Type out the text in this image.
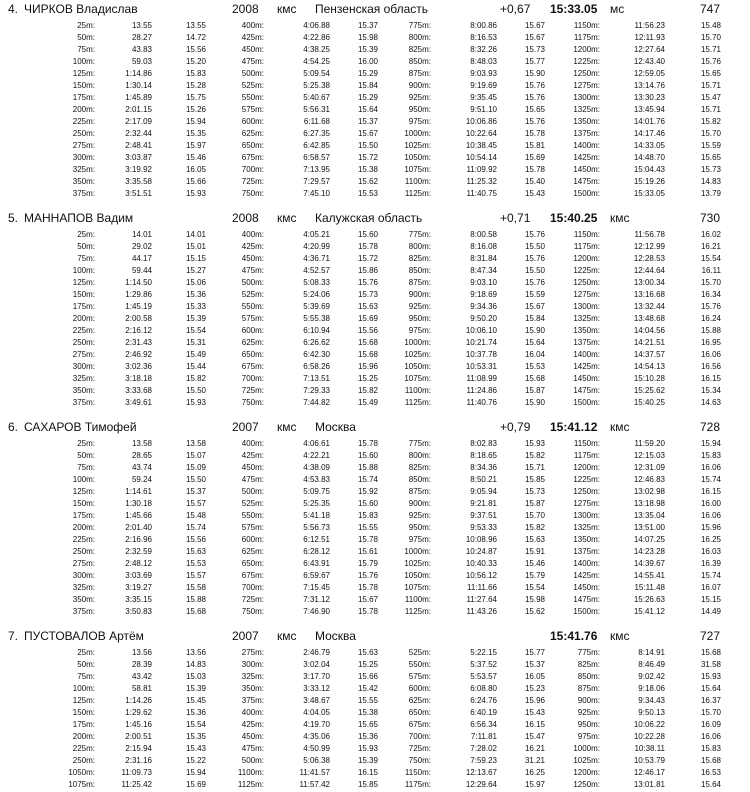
4. ЧИРКОВ Владислав	2008 кмс Пензенская область	+0,67 15:33.05 мс	747
25m:	13.55	13.55	400m:	4:06.88	15.37	775m:	8:00.86	15.67	1150m:	11:56.23	15.48
50m:	28.27	14.72	425m:	4:22.86	15.98	800m:	8:16.53	15.67	1175m:	12:11.93	15.70
75m:	43.83	15.56	450m:	4:38.25	15.39	825m:	8:32.26	15.73	1200m:	12:27.64	15.71
100m:	59.03	15.20	475m:	4:54.25	16.00	850m:	8:48.03	15.77	1225m:	12:43.40	15.76
125m:	1:14.86	15.83	500m:	5:09.54	15.29	875m:	9:03.93	15.90	1250m:	12:59.05	15.65
150m:	1:30.14	15.28	525m:	5:25.38	15.84	900m:	9:19.69	15.76	1275m:	13:14.76	15.71
175m:	1:45.89	15.75	550m:	5:40.67	15.29	925m:	9:35.45	15.76	1300m:	13:30.23	15.47
200m:	2:01.15	15.26	575m:	5:56.31	15.64	950m:	9:51.10	15.65	1325m:	13:45.94	15.71
225m:	2:17.09	15.94	600m:	6:11.68	15.37	975m:	10:06.86	15.76	1350m:	14:01.76	15.82
250m:	2:32.44	15.35	625m:	6:27.35	15.67	1000m:	10:22.64	15.78	1375m:	14:17.46	15.70
275m:	2:48.41	15.97	650m:	6:42.85	15.50	1025m:	10:38.45	15.81	1400m:	14:33.05	15.59
300m:	3:03.87	15.46	675m:	6:58.57	15.72	1050m:	10:54.14	15.69	1425m:	14:48.70	15.65
325m:	3:19.92	16.05	700m:	7:13.95	15.38	1075m:	11:09.92	15.78	1450m:	15:04.43	15.73
350m:	3:35.58	15.66	725m:	7:29.57	15.62	1100m:	11:25.32	15.40	1475m:	15:19.26	14.83
375m:	3:51.51	15.93	750m:	7:45.10	15.53	1125m:	11:40.75	15.43	1500m:	15:33.05	13.79
5. МАННАПОВ Вадим	2008 кмс Калужская область	+0,71 15:40.25 кмс	730
25m:	14.01	14.01	400m:	4:05.21	15.60	775m:	8:00.58	15.76	1150m:	11:56.78	16.02
50m:	29.02	15.01	425m:	4:20.99	15.78	800m:	8:16.08	15.50	1175m:	12:12.99	16.21
75m:	44.17	15.15	450m:	4:36.71	15.72	825m:	8:31.84	15.76	1200m:	12:28.53	15.54
100m:	59.44	15.27	475m:	4:52.57	15.86	850m:	8:47.34	15.50	1225m:	12:44.64	16.11
125m:	1:14.50	15.06	500m:	5:08.33	15.76	875m:	9:03.10	15.76	1250m:	13:00.34	15.70
150m:	1:29.86	15.36	525m:	5:24.06	15.73	900m:	9:18.69	15.59	1275m:	13:16.68	16.34
175m:	1:45.19	15.33	550m:	5:39.69	15.63	925m:	9:34.36	15.67	1300m:	13:32.44	15.76
200m:	2:00.58	15.39	575m:	5:55.38	15.69	950m:	9:50.20	15.84	1325m:	13:48.68	16.24
225m:	2:16.12	15.54	600m:	6:10.94	15.56	975m:	10:06.10	15.90	1350m:	14:04.56	15.88
250m:	2:31.43	15.31	625m:	6:26.62	15.68	1000m:	10:21.74	15.64	1375m:	14:21.51	16.95
275m:	2:46.92	15.49	650m:	6:42.30	15.68	1025m:	10:37.78	16.04	1400m:	14:37.57	16.06
300m:	3:02.36	15.44	675m:	6:58.26	15.96	1050m:	10:53.31	15.53	1425m:	14:54.13	16.56
325m:	3:18.18	15.82	700m:	7:13.51	15.25	1075m:	11:08.99	15.68	1450m:	15:10.28	16.15
350m:	3:33.68	15.50	725m:	7:29.33	15.82	1100m:	11:24.86	15.87	1475m:	15:25.62	15.34
375m:	3:49.61	15.93	750m:	7:44.82	15.49	1125m:	11:40.76	15.90	1500m:	15:40.25	14.63
6. САХАРОВ Тимофей	2007 кмс Москва	+0,79 15:41.12 кмс	728
25m:	13.58	13.58	400m:	4:06.61	15.78	775m:	8:02.83	15.93	1150m:	11:59.20	15.94
50m:	28.65	15.07	425m:	4:22.21	15.60	800m:	8:18.65	15.82	1175m:	12:15.03	15.83
75m:	43.74	15.09	450m:	4:38.09	15.88	825m:	8:34.36	15.71	1200m:	12:31.09	16.06
100m:	59.24	15.50	475m:	4:53.83	15.74	850m:	8:50.21	15.85	1225m:	12:46.83	15.74
125m:	1:14.61	15.37	500m:	5:09.75	15.92	875m:	9:05.94	15.73	1250m:	13:02.98	16.15
150m:	1:30.18	15.57	525m:	5:25.35	15.60	900m:	9:21.81	15.87	1275m:	13:18.98	16.00
175m:	1:45.66	15.48	550m:	5:41.18	15.83	925m:	9:37.51	15.70	1300m:	13:35.04	16.06
200m:	2:01.40	15.74	575m:	5:56.73	15.55	950m:	9:53.33	15.82	1325m:	13:51.00	15.96
225m:	2:16.96	15.56	600m:	6:12.51	15.78	975m:	10:08.96	15.63	1350m:	14:07.25	16.25
250m:	2:32.59	15.63	625m:	6:28.12	15.61	1000m:	10:24.87	15.91	1375m:	14:23.28	16.03
275m:	2:48.12	15.53	650m:	6:43.91	15.79	1025m:	10:40.33	15.46	1400m:	14:39.67	16.39
300m:	3:03.69	15.57	675m:	6:59.67	15.76	1050m:	10:56.12	15.79	1425m:	14:55.41	15.74
325m:	3:19.27	15.58	700m:	7:15.45	15.78	1075m:	11:11.66	15.54	1450m:	15:11.48	16.07
350m:	3:35.15	15.88	725m:	7:31.12	15.67	1100m:	11:27.64	15.98	1475m:	15:26.63	15.15
375m:	3:50.83	15.68	750m:	7:46.90	15.78	1125m:	11:43.26	15.62	1500m:	15:41.12	14.49
7. ПУСТОВАЛОВ Артём	2007 кмс Москва	15:41.76 кмс	727
25m:	13.56	13.56	275m:	2:46.79	15.63	525m:	5:22.15	15.77	775m:	8:14.91	15.68
50m:	28.39	14.83	300m:	3:02.04	15.25	550m:	5:37.52	15.37	825m:	8:46.49	31.58
75m:	43.42	15.03	325m:	3:17.70	15.66	575m:	5:53.57	16.05	850m:	9:02.42	15.93
100m:	58.81	15.39	350m:	3:33.12	15.42	600m:	6:08.80	15.23	875m:	9:18.06	15.64
125m:	1:14.26	15.45	375m:	3:48.67	15.55	625m:	6:24.76	15.96	900m:	9:34.43	16.37
150m:	1:29.62	15.36	400m:	4:04.05	15.38	650m:	6:40.19	15.43	925m:	9:50.13	15.70
175m:	1:45.16	15.54	425m:	4:19.70	15.65	675m:	6:56.34	16.15	950m:	10:06.22	16.09
200m:	2:00.51	15.35	450m:	4:35.06	15.36	700m:	7:11.81	15.47	975m:	10:22.28	16.06
225m:	2:15.94	15.43	475m:	4:50.99	15.93	725m:	7:28.02	16.21	1000m:	10:38.11	15.83
250m:	2:31.16	15.22	500m:	5:06.38	15.39	750m:	7:59.23	31.21	1025m:	10:53.79	15.68
1050m:	11:09.73	15.94	1100m:	11:41.57	16.15	1150m:	12:13.67	16.25	1200m:	12:46.17	16.53
1075m:	11:25.42	15.69	1125m:	11:57.42	15.85	1175m:	12:29.64	15.97	1250m:	13:01.81	15.64
